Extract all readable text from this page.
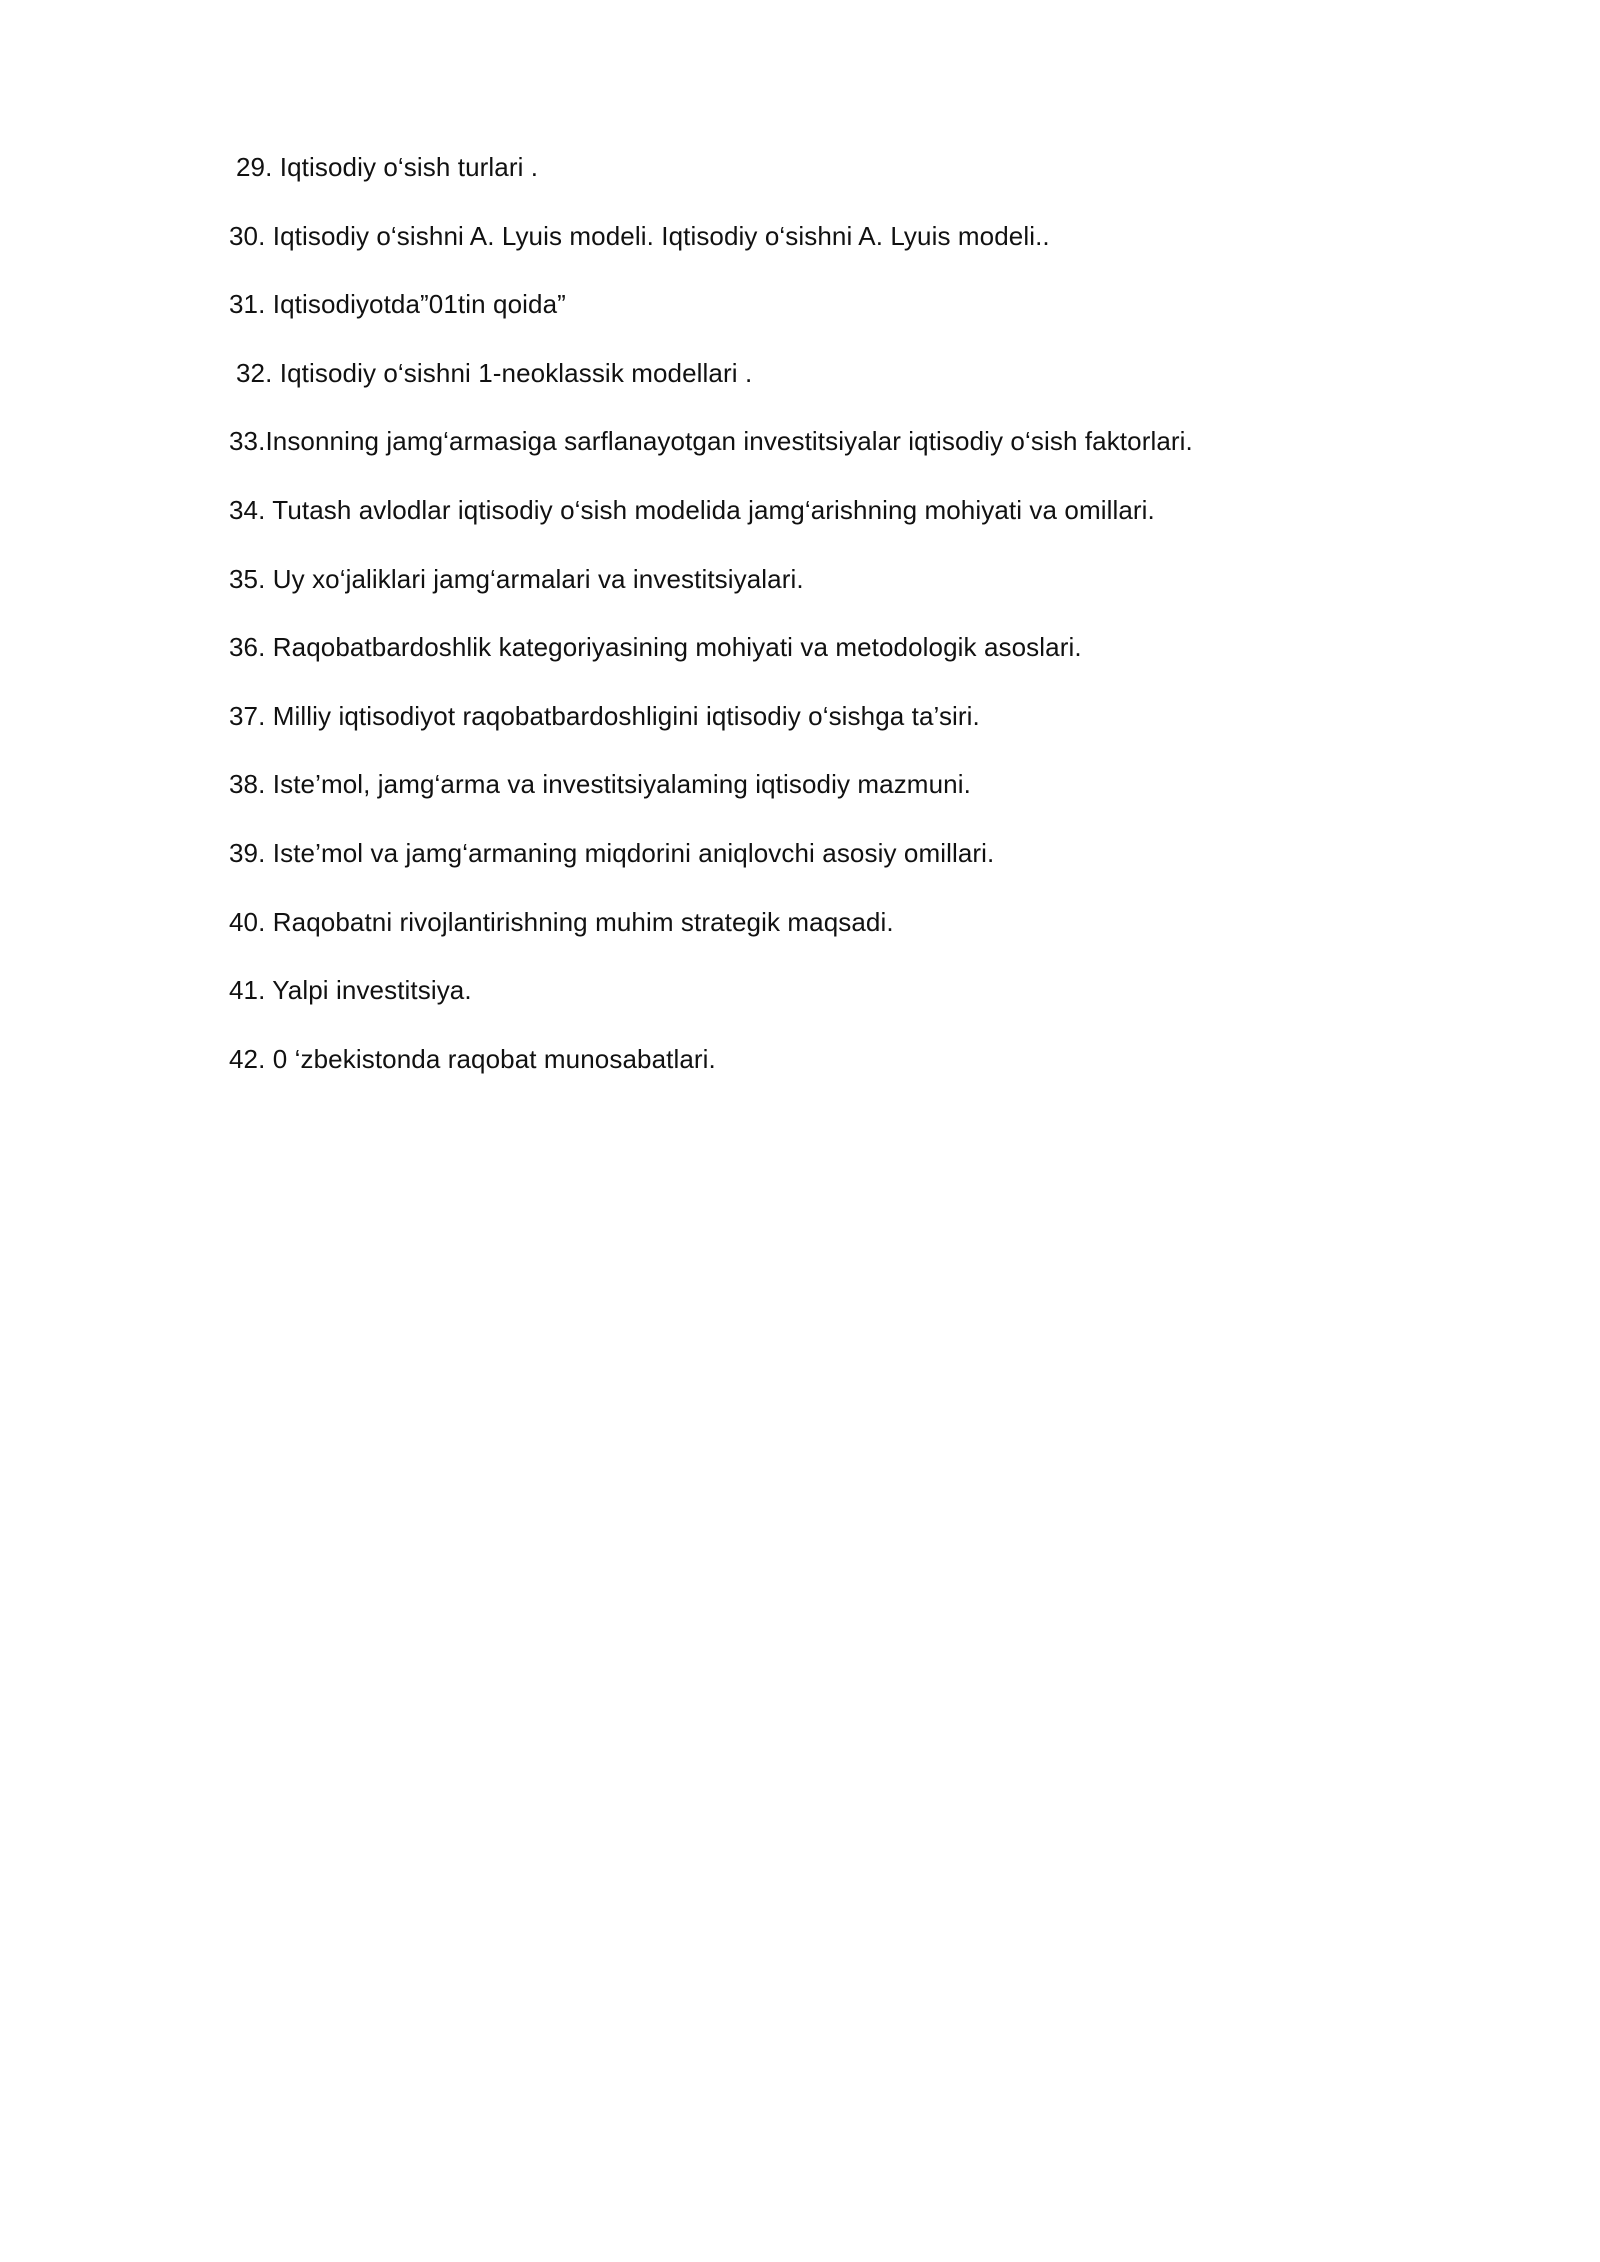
29. Iqtisodiy o‘sish turlari .
30. Iqtisodiy o‘sishni A. Lyuis modeli. Iqtisodiy o‘sishni A. Lyuis modeli..
31. Iqtisodiyotda”01tin qoida”
32. Iqtisodiy o‘sishni 1-neoklassik modellari .
33.Insonning jamg‘armasiga sarflanayotgan investitsiyalar iqtisodiy o‘sish faktorlari.
34. Tutash avlodlar iqtisodiy o‘sish modelida jamg‘arishning mohiyati va omillari.
35. Uy xo‘jaliklari jamg‘armalari va investitsiyalari.
36. Raqobatbardoshlik kategoriyasining mohiyati va metodologik asoslari.
37. Milliy iqtisodiyot raqobatbardoshligini iqtisodiy o‘sishga ta’siri.
38. Iste’mol, jamg‘arma va investitsiyalaming iqtisodiy mazmuni.
39. Iste’mol va jamg‘armaning miqdorini aniqlovchi asosiy omillari.
40. Raqobatni rivojlantirishning muhim strategik maqsadi.
41. Yalpi investitsiya.
42. 0 ‘zbekistonda raqobat munosabatlari.
